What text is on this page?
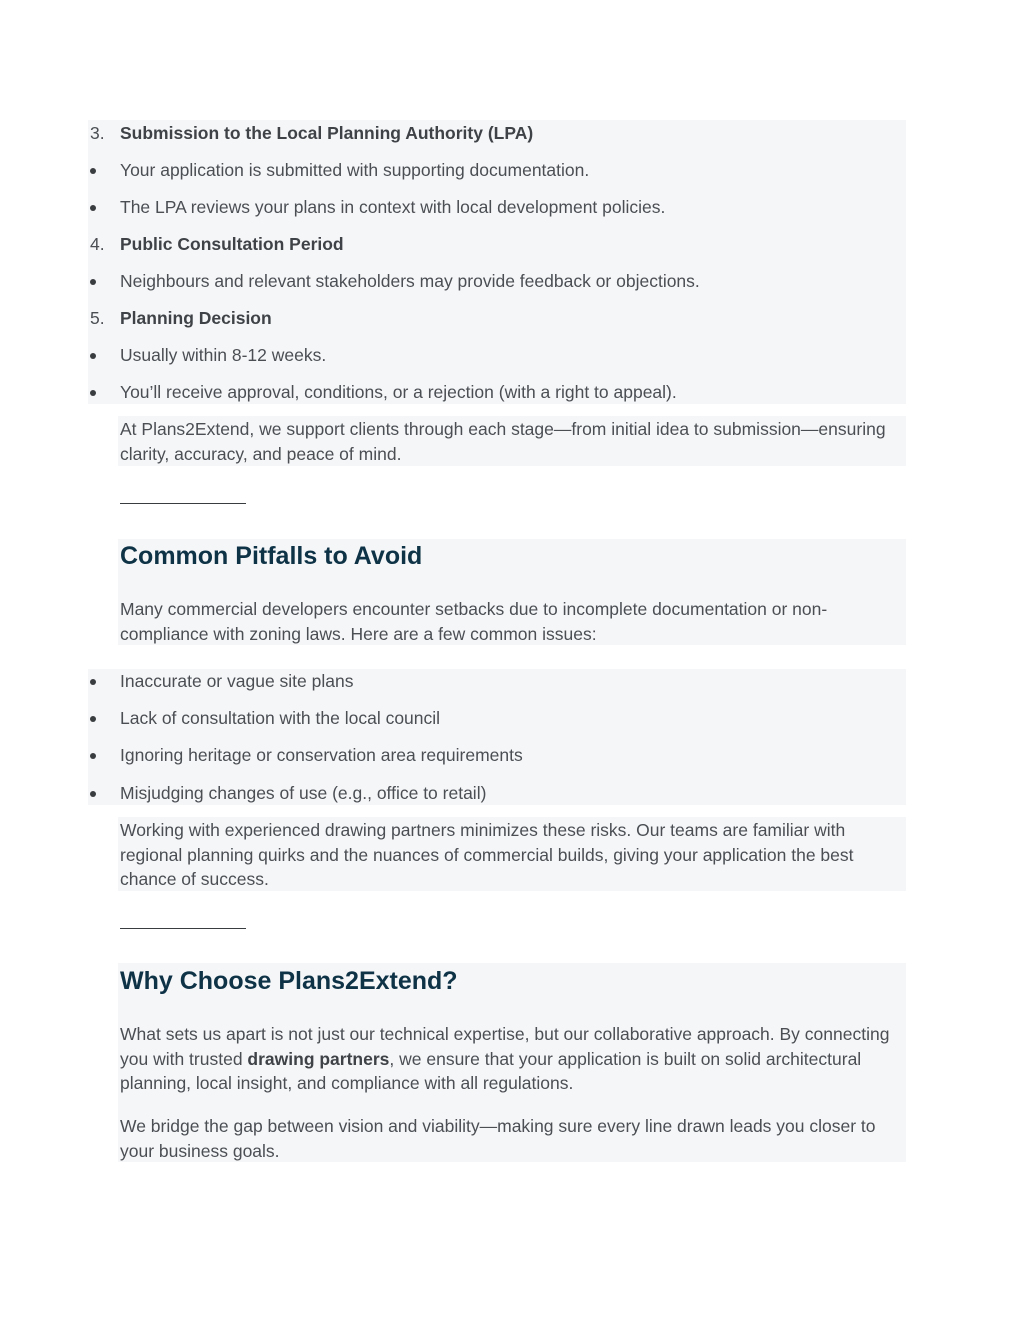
3. Submission to the Local Planning Authority (LPA)
Your application is submitted with supporting documentation.
The LPA reviews your plans in context with local development policies.
4. Public Consultation Period
Neighbours and relevant stakeholders may provide feedback or objections.
5. Planning Decision
Usually within 8-12 weeks.
You’ll receive approval, conditions, or a rejection (with a right to appeal).

At Plans2Extend, we support clients through each stage—from initial idea to submission—ensuring clarity, accuracy, and peace of mind.

Common Pitfalls to Avoid

Many commercial developers encounter setbacks due to incomplete documentation or non-compliance with zoning laws. Here are a few common issues:

Inaccurate or vague site plans
Lack of consultation with the local council
Ignoring heritage or conservation area requirements
Misjudging changes of use (e.g., office to retail)

Working with experienced drawing partners minimizes these risks. Our teams are familiar with regional planning quirks and the nuances of commercial builds, giving your application the best chance of success.

Why Choose Plans2Extend?

What sets us apart is not just our technical expertise, but our collaborative approach. By connecting you with trusted drawing partners, we ensure that your application is built on solid architectural planning, local insight, and compliance with all regulations.

We bridge the gap between vision and viability—making sure every line drawn leads you closer to your business goals.
